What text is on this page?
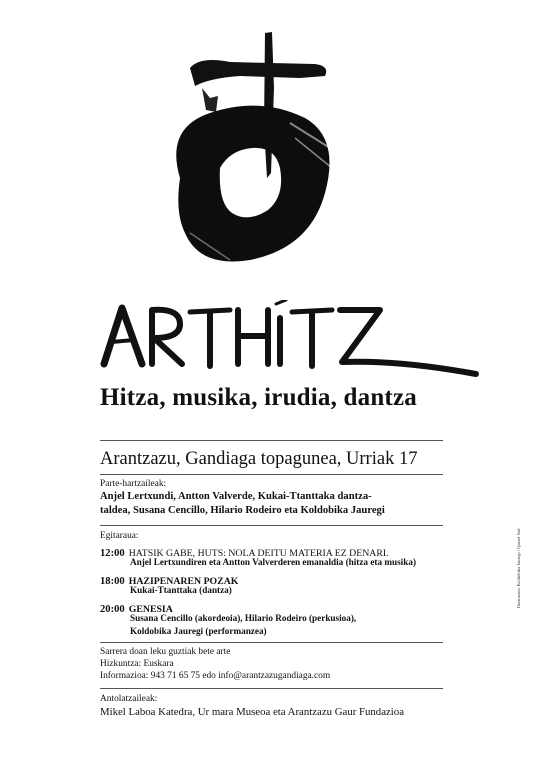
Hitza, musika, irudia, dantza
Arantzazu, Gandiaga topagunea, Urriak 17
Parte-hartzaileak:
Anjel Lertxundi, Antton Valverde, Kukai-Ttanttaka dantza-
taldea, Susana Cencillo, Hilario Rodeiro eta Koldobika Jauregi
Egitaraua:
12:00 HATSIK GABE, HUTS: NOLA DEITU MATERIA EZ DENARI.
Anjel Lertxundiren eta Antton Valverderen emanaldia (hitza eta musika)
18:00 HAZIPENAREN POZAK
Kukai-Ttanttaka (dantza)
20:00 GENESIA
Susana Cencillo (akordeoia), Hilario Rodeiro (perkusioa),
Koldobika Jauregi (performanzea)
Sarrera doan leku guztiak bete arte
Hizkuntza: Euskara
Informazioa: 943 71 65 75 edo info@arantzazugandiaga.com
Antolatzaileak:
Mikel Laboa Katedra, Ur mara Museoa eta Arantzazu Gaur Fundazioa
Ilustrazioa: Koldobika Jauregi / Qassel Sad
